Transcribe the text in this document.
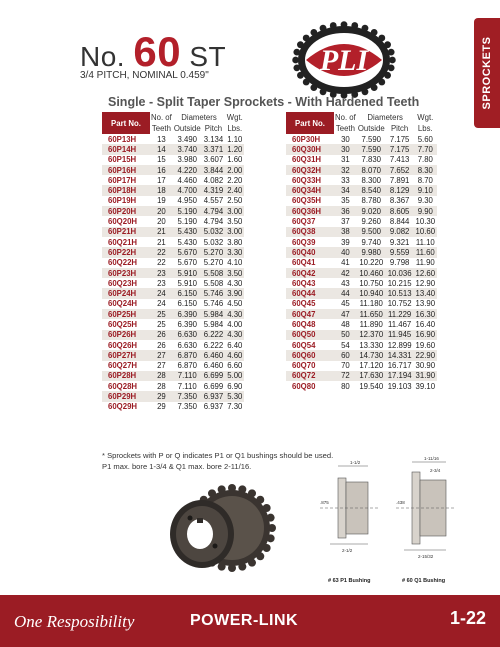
No. 60 ST
3/4 PITCH, NOMINAL 0.459"	PLI	SPROCKETS
Single - Split Taper Sprockets - With Hardened Teeth
Part No.	No. of	Diameters		Wgt.
	Teeth	Outside	Pitch	Lbs.
60P13H	13	3.490	3.134	1.10
60P14H	14	3.740	3.371	1.20
60P15H	15	3.980	3.607	1.60
60P16H	16	4.220	3.844	2.00
60P17H	17	4.460	4.082	2.20
60P18H	18	4.700	4.319	2.40
60P19H	19	4.950	4.557	2.50
60P20H	20	5.190	4.794	3.00
60Q20H	20	5.190	4.794	3.50
60P21H	21	5.430	5.032	3.00
60Q21H	21	5.430	5.032	3.80
60P22H	22	5.670	5.270	3.30
60Q22H	22	5.670	5.270	4.10
60P23H	23	5.910	5.508	3.50
60Q23H	23	5.910	5.508	4.30
60P24H	24	6.150	5.746	3.90
60Q24H	24	6.150	5.746	4.50
60P25H	25	6.390	5.984	4.30
60Q25H	25	6.390	5.984	4.00
60P26H	26	6.630	6.222	4.30
60Q26H	26	6.630	6.222	6.40
60P27H	27	6.870	6.460	4.60
60Q27H	27	6.870	6.460	6.60
60P28H	28	7.110	6.699	5.00
60Q28H	28	7.110	6.699	6.90
60P29H	29	7.350	6.937	5.30
60Q29H	29	7.350	6.937	7.30
Part No.	No. of	Diameters		Wgt.
	Teeth	Outside	Pitch	Lbs.
60P30H	30	7.590	7.175	5.60
60Q30H	30	7.590	7.175	7.70
60Q31H	31	7.830	7.413	7.80
60Q32H	32	8.070	7.652	8.30
60Q33H	33	8.300	7.891	8.70
60Q34H	34	8.540	8.129	9.10
60Q35H	35	8.780	8.367	9.30
60Q36H	36	9.020	8.605	9.90
60Q37	37	9.260	8.844	10.30
60Q38	38	9.500	9.082	10.60
60Q39	39	9.740	9.321	11.10
60Q40	40	9.980	9.559	11.60
60Q41	41	10.220	9.798	11.90
60Q42	42	10.460	10.036	12.60
60Q43	43	10.750	10.215	12.90
60Q44	44	10.940	10.513	13.40
60Q45	45	11.180	10.752	13.90
60Q47	47	11.650	11.229	16.30
60Q48	48	11.890	11.467	16.40
60Q50	50	12.370	11.945	16.90
60Q54	54	13.330	12.899	19.60
60Q60	60	14.730	14.331	22.90
60Q70	70	17.120	16.717	30.90
60Q72	72	17.630	17.194	31.90
60Q80	80	19.540	19.103	39.10
* Sprockets with P or Q indicates P1 or Q1 bushings should be used.
P1 max. bore 1-3/4 & Q1 max. bore 2-11/16.	1-1/2
1-11/16
.875	.438
2-1/2
2-15/32
2-3/4
# 63 P1 Bushing	# 60 Q1 Bushing
One Resposibility	POWER-LINK	1-22
